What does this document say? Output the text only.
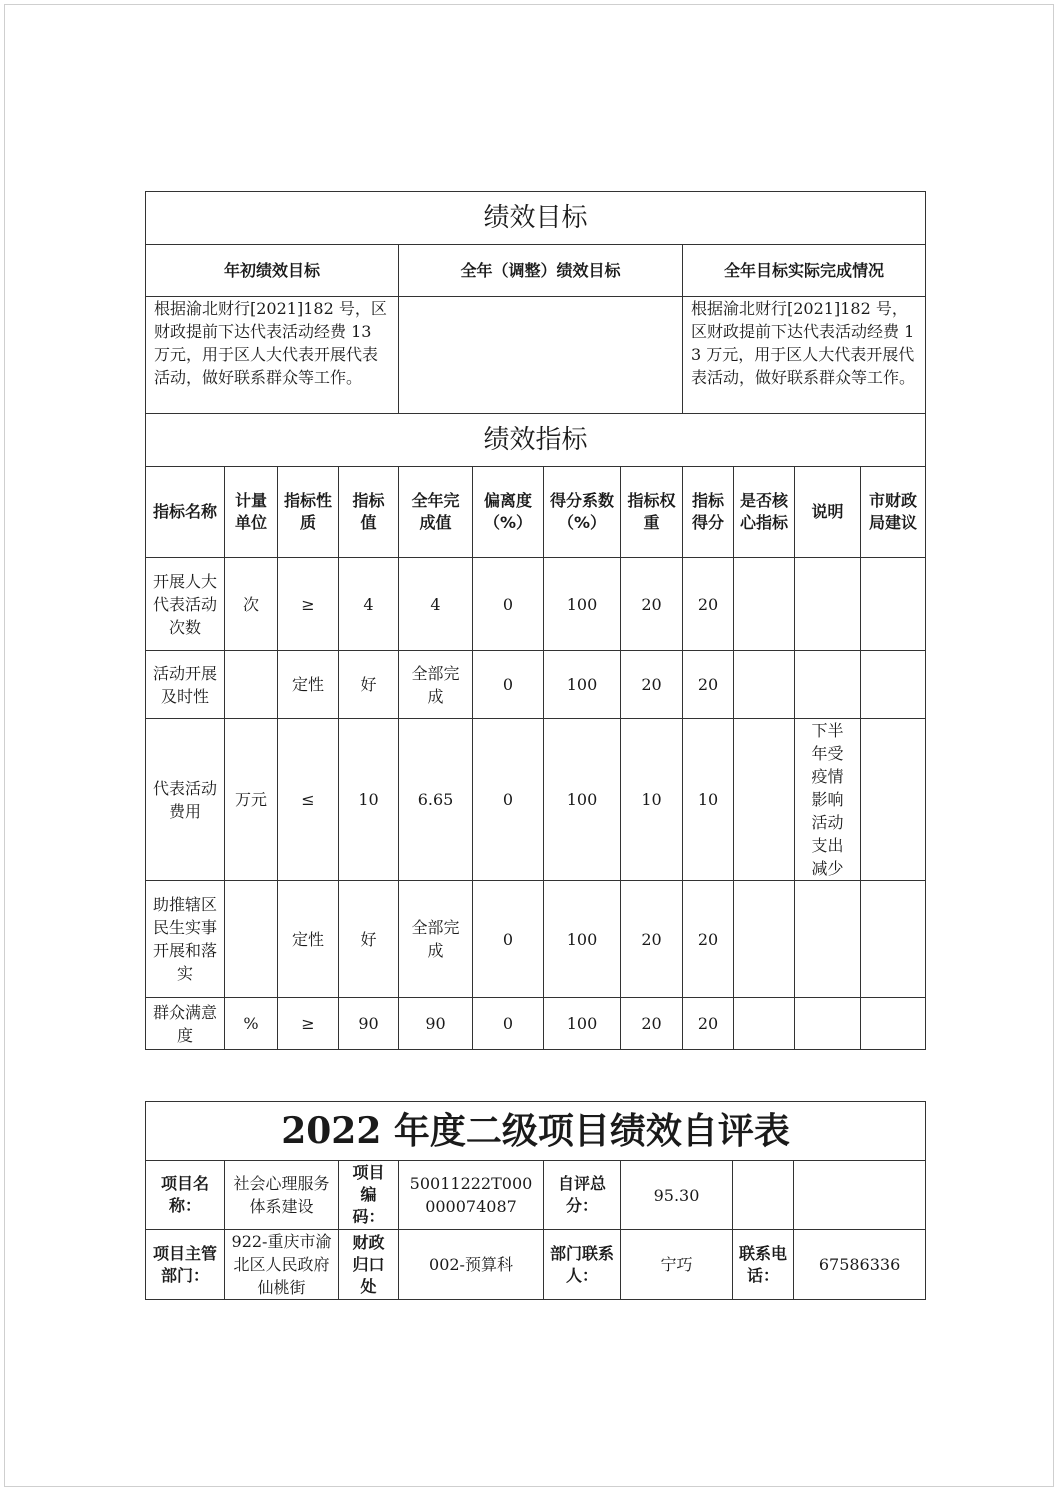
绩效目标											
年初绩效目标				全年（调整）绩效目标				全年目标实际完成情况			
根据渝北财行[2021]182 号，区财政提前下达代表活动经费 13 万元，用于区人大代表开展代表活动，做好联系群众等工作。								根据渝北财行[2021]182 号，区财政提前下达代表活动经费 13 万元，用于区人大代表开展代表活动，做好联系群众等工作。			
绩效指标											
指标名称	计量单位	指标性质	指标值	全年完成值	偏离度（%）	得分系数（%）	指标权重	指标得分	是否核心指标	说明	市财政局建议
开展人大代表活动次数	次	≥	4	4	0	100	20	20			
活动开展及时性		定性	好	全部完成	0	100	20	20			
代表活动费用	万元	≤	10	6.65	0	100	10	10		下半年受疫情影响活动支出减少	
助推辖区民生实事开展和落实		定性	好	全部完成	0	100	20	20			
群众满意度	%	≥	90	90	0	100	20	20			
2022 年度二级项目绩效自评表							
项目名称：	社会心理服务体系建设	项目编码：	50011222T000000074087	自评总分：	95.30		
项目主管部门：	922-重庆市渝北区人民政府仙桃街	财政归口处	002-预算科	部门联系人：	宁巧	联系电话：	67586336
